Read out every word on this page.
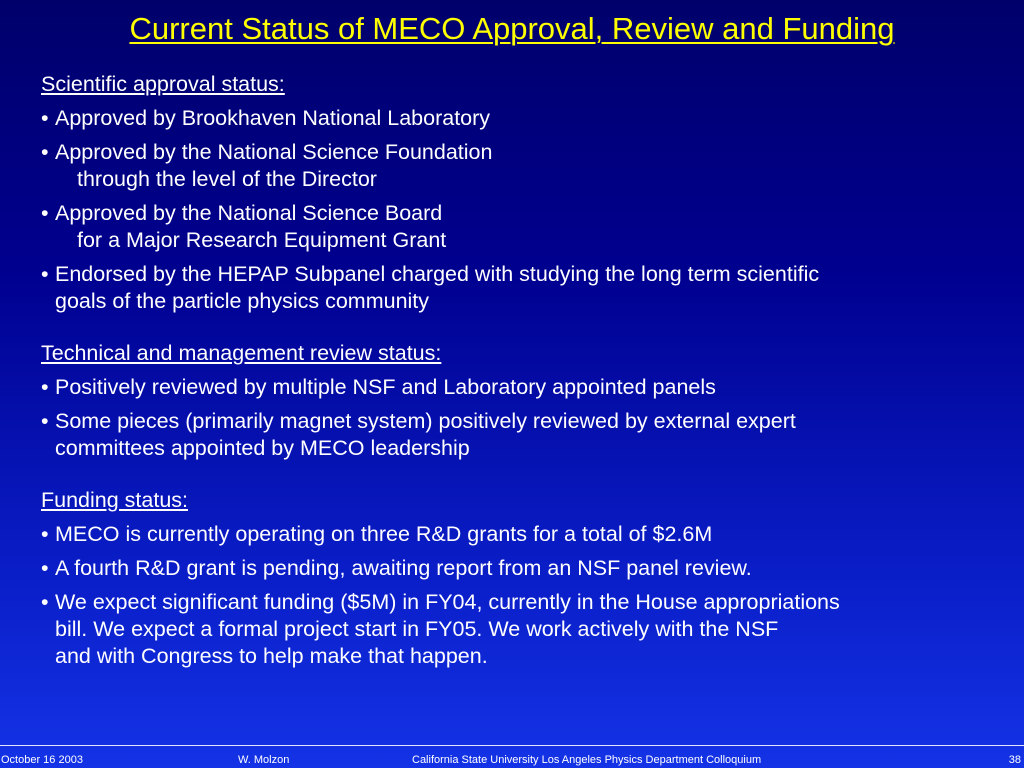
Current Status of MECO Approval, Review and Funding
Scientific approval status:
• Approved by Brookhaven National Laboratory
• Approved by the National Science Foundation
through the level of the Director
• Approved by the National Science Board
for a Major Research Equipment Grant
• Endorsed by the HEPAP Subpanel charged with studying the long term scientific
goals of the particle physics community
Technical and management review status:
• Positively reviewed by multiple NSF and Laboratory appointed panels
• Some pieces (primarily magnet system) positively reviewed by external expert
committees appointed by MECO leadership
Funding status:
• MECO is currently operating on three R&D grants for a total of $2.6M
• A fourth R&D grant is pending, awaiting report from an NSF panel review.
• We expect significant funding ($5M) in FY04, currently in the House appropriations
bill. We expect a formal project start in FY05. We work actively with the NSF
and with Congress to help make that happen.
October 16 2003	W. Molzon	California State University Los Angeles Physics Department Colloquium	38
